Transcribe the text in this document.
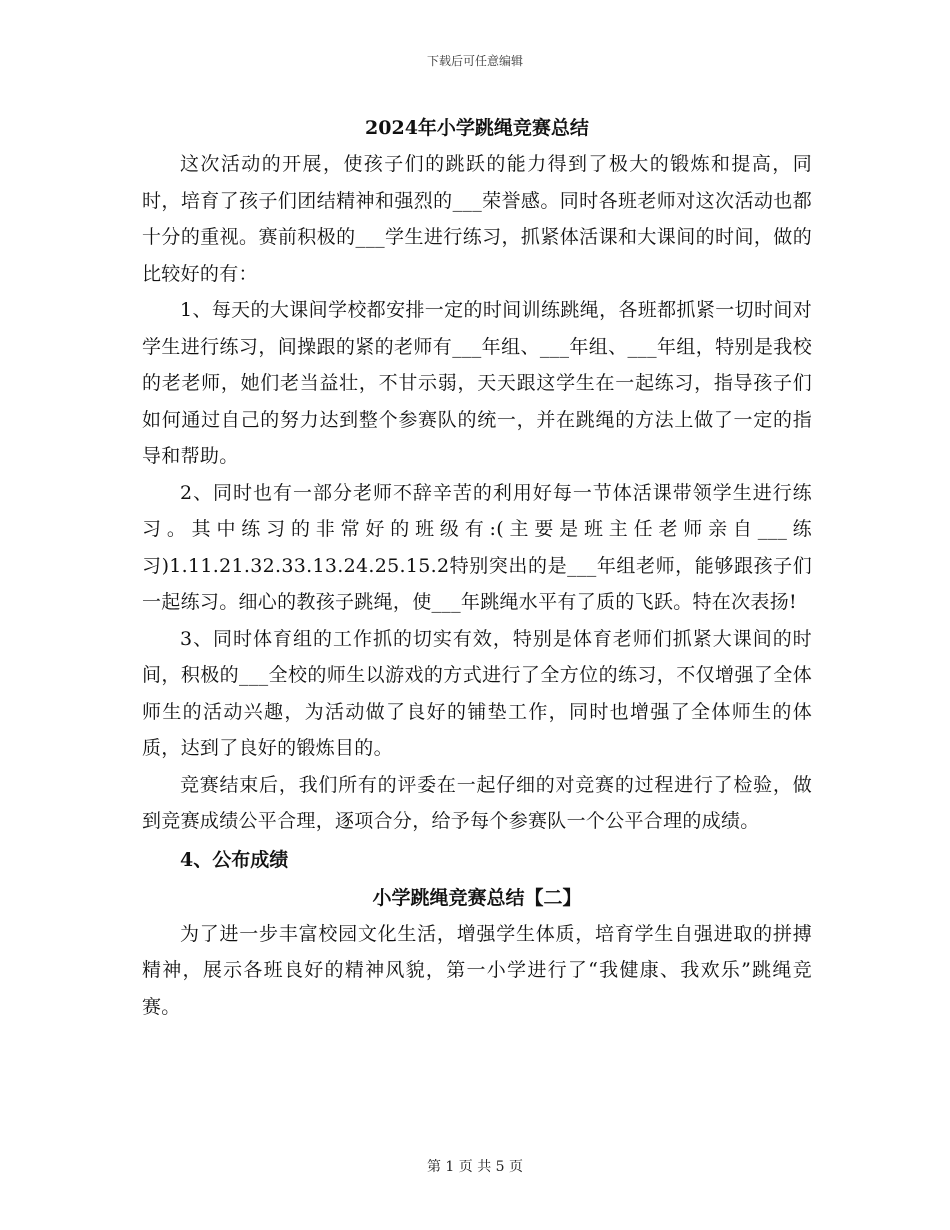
下载后可任意编辑

2024年小学跳绳竞赛总结

这次活动的开展，使孩子们的跳跃的能力得到了极大的锻炼和提高，同时，培育了孩子们团结精神和强烈的___荣誉感。同时各班老师对这次活动也都十分的重视。赛前积极的___学生进行练习，抓紧体活课和大课间的时间，做的比较好的有：

1、每天的大课间学校都安排一定的时间训练跳绳，各班都抓紧一切时间对学生进行练习，间操跟的紧的老师有___年组、___年组、___年组，特别是我校的老老师，她们老当益壮，不甘示弱，天天跟这学生在一起练习，指导孩子们如何通过自己的努力达到整个参赛队的统一，并在跳绳的方法上做了一定的指导和帮助。

2、同时也有一部分老师不辞辛苦的利用好每一节体活课带领学生进行练习。其中练习的非常好的班级有:(主要是班主任老师亲自___练习)1.11.21.32.33.13.24.25.15.2特别突出的是___年组老师，能够跟孩子们一起练习。细心的教孩子跳绳，使___年跳绳水平有了质的飞跃。特在次表扬!

3、同时体育组的工作抓的切实有效，特别是体育老师们抓紧大课间的时间，积极的___全校的师生以游戏的方式进行了全方位的练习，不仅增强了全体师生的活动兴趣，为活动做了良好的铺垫工作，同时也增强了全体师生的体质，达到了良好的锻炼目的。

竞赛结束后，我们所有的评委在一起仔细的对竞赛的过程进行了检验，做到竞赛成绩公平合理，逐项合分，给予每个参赛队一个公平合理的成绩。

4、公布成绩

小学跳绳竞赛总结【二】

为了进一步丰富校园文化生活，增强学生体质，培育学生自强进取的拼搏精神，展示各班良好的精神风貌，第一小学进行了“我健康、我欢乐”跳绳竞赛。

第 1 页 共 5 页
